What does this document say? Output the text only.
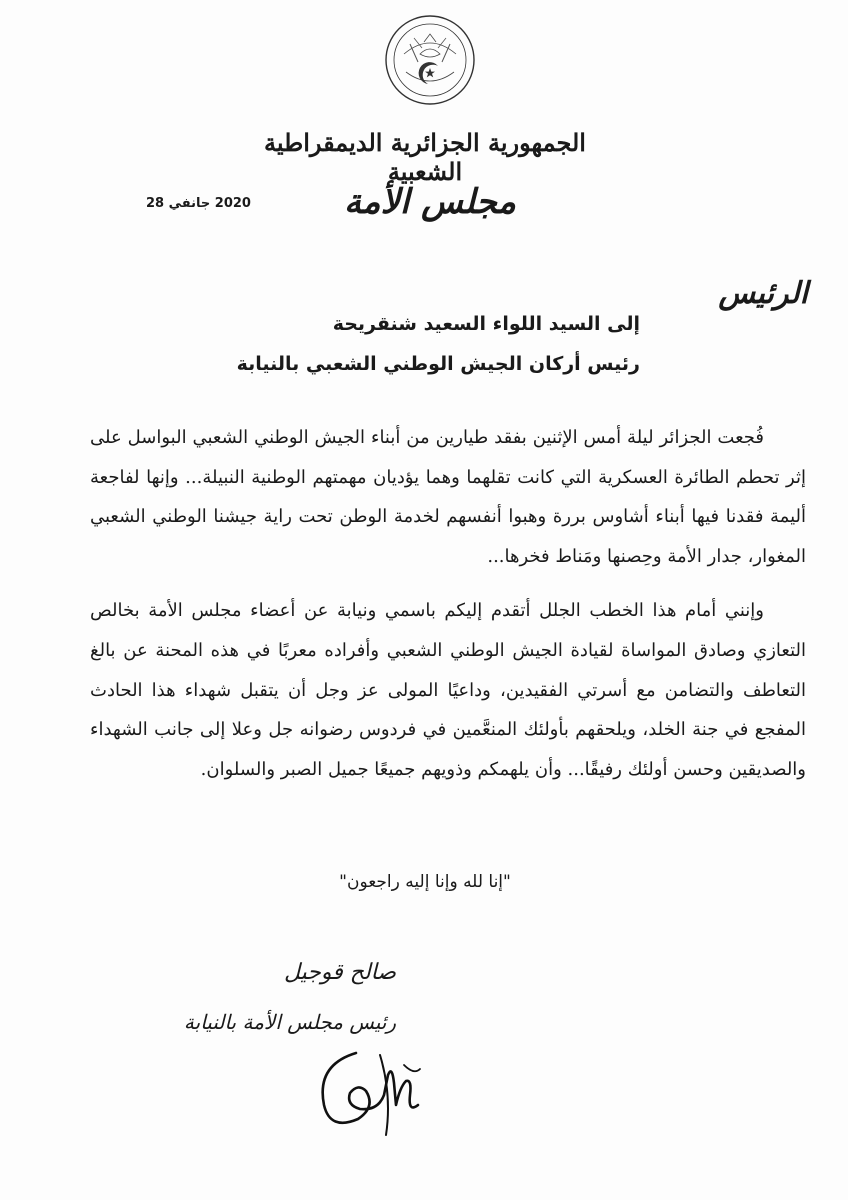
الجمهورية الجزائرية الديمقراطية الشعبية
مجلس الأمة
2020 جانفي 28
الرئيس
إلى السيد اللواء السعيد شنقريحة
رئيس أركان الجيش الوطني الشعبي بالنيابة

فُجعت الجزائر ليلة أمس الإثنين بفقد طيارين من أبناء الجيش الوطني الشعبي البواسل على إثر تحطم الطائرة العسكرية التي كانت تقلهما وهما يؤديان مهمتهم الوطنية النبيلة... وإنها لفاجعة أليمة فقدنا فيها أبناء أشاوس بررة وهبوا أنفسهم لخدمة الوطن تحت راية جيشنا الوطني الشعبي المغوار، جدار الأمة وحِصنها ومَناط فخرها...

وإنني أمام هذا الخطب الجلل أتقدم إليكم باسمي ونيابة عن أعضاء مجلس الأمة بخالص التعازي وصادق المواساة لقيادة الجيش الوطني الشعبي وأفراده معربًا في هذه المحنة عن بالغ التعاطف والتضامن مع أسرتي الفقيدين، وداعيًا المولى عز وجل أن يتقبل شهداء هذا الحادث المفجع في جنة الخلد، ويلحقهم بأولئك المنعَّمين في فردوس رضوانه جل وعلا إلى جانب الشهداء والصديقين وحسن أولئك رفيقًا... وأن يلهمكم وذويهم جميعًا جميل الصبر والسلوان.

"إنا لله وإنا إليه راجعون"
صالح قوجيل
رئيس مجلس الأمة بالنيابة
